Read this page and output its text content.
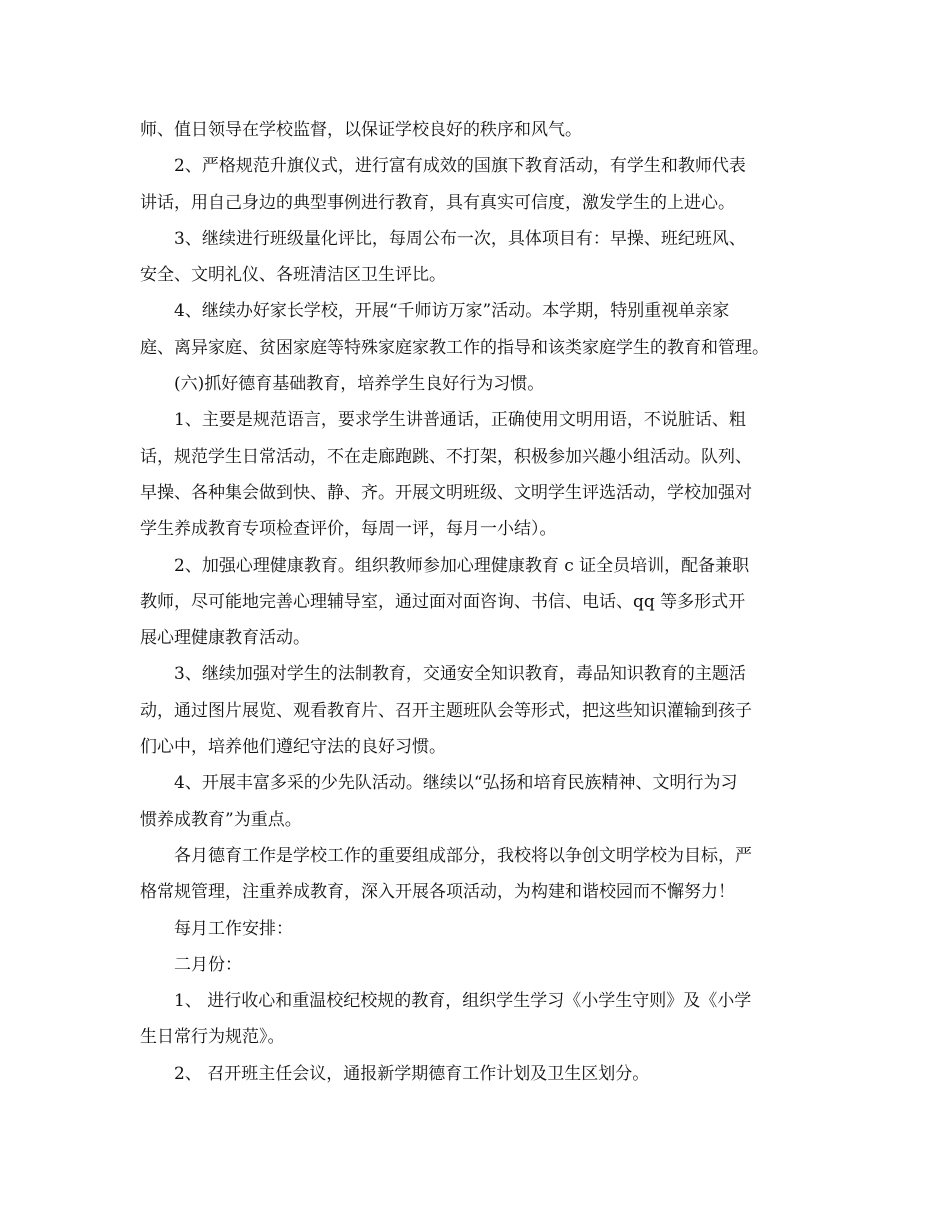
师、值日领导在学校监督，以保证学校良好的秩序和风气。
2、严格规范升旗仪式，进行富有成效的国旗下教育活动，有学生和教师代表
讲话，用自己身边的典型事例进行教育，具有真实可信度，激发学生的上进心。
3、继续进行班级量化评比，每周公布一次，具体项目有：早操、班纪班风、
安全、文明礼仪、各班清洁区卫生评比。
4、继续办好家长学校，开展“千师访万家”活动。本学期，特别重视单亲家
庭、离异家庭、贫困家庭等特殊家庭家教工作的指导和该类家庭学生的教育和管理。
(六)抓好德育基础教育，培养学生良好行为习惯。
1、主要是规范语言，要求学生讲普通话，正确使用文明用语，不说脏话、粗
话，规范学生日常活动，不在走廊跑跳、不打架，积极参加兴趣小组活动。队列、
早操、各种集会做到快、静、齐。开展文明班级、文明学生评选活动，学校加强对
学生养成教育专项检查评价，每周一评，每月一小结）。
2、加强心理健康教育。组织教师参加心理健康教育 c 证全员培训，配备兼职
教师，尽可能地完善心理辅导室，通过面对面咨询、书信、电话、qq 等多形式开
展心理健康教育活动。
3、继续加强对学生的法制教育，交通安全知识教育，毒品知识教育的主题活
动，通过图片展览、观看教育片、召开主题班队会等形式，把这些知识灌输到孩子
们心中，培养他们遵纪守法的良好习惯。
4、开展丰富多采的少先队活动。继续以“弘扬和培育民族精神、文明行为习
惯养成教育”为重点。
各月德育工作是学校工作的重要组成部分，我校将以争创文明学校为目标，严
格常规管理，注重养成教育，深入开展各项活动，为构建和谐校园而不懈努力！
每月工作安排：
二月份：
1、 进行收心和重温校纪校规的教育，组织学生学习《小学生守则》及《小学
生日常行为规范》。
2、 召开班主任会议，通报新学期德育工作计划及卫生区划分。
